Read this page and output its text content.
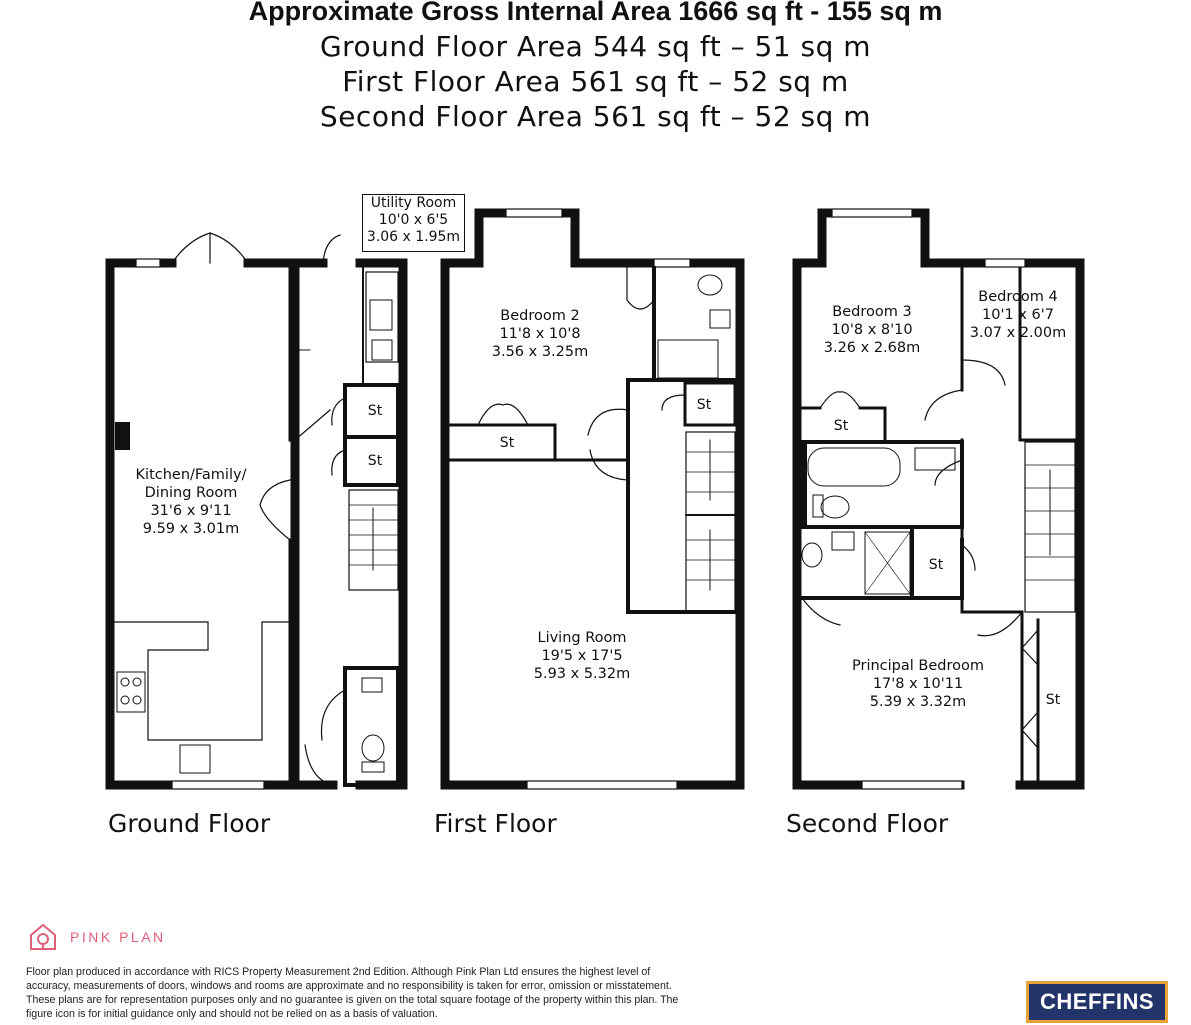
Approximate Gross Internal Area 1666 sq ft - 155 sq m
Ground Floor Area 544 sq ft – 51 sq m
First Floor Area 561 sq ft – 52 sq m
Second Floor Area 561 sq ft – 52 sq m
Utility Room
10'0 x 6'5
3.06 x 1.95m
Kitchen/Family/
Dining Room
31'6 x 9'11
9.59 x 3.01m
St
St
Ground Floor
Bedroom 2
11'8 x 10'8
3.56 x 3.25m
Living Room
19'5 x 17'5
5.93 x 5.32m
St
St
First Floor
Bedroom 3
10'8 x 8'10
3.26 x 2.68m
Bedroom 4
10'1 x 6'7
3.07 x 2.00m
Principal Bedroom
17'8 x 10'11
5.39 x 3.32m
St
St
St
Second Floor
PINK PLAN
Floor plan produced in accordance with RICS Property Measurement 2nd Edition. Although Pink Plan Ltd ensures the highest level of accuracy, measurements of doors, windows and rooms are approximate and no responsibility is taken for error, omission or misstatement. These plans are for representation purposes only and no guarantee is given on the total square footage of the property within this plan. The figure icon is for initial guidance only and should not be relied on as a basis of valuation.	CHEFFINS
